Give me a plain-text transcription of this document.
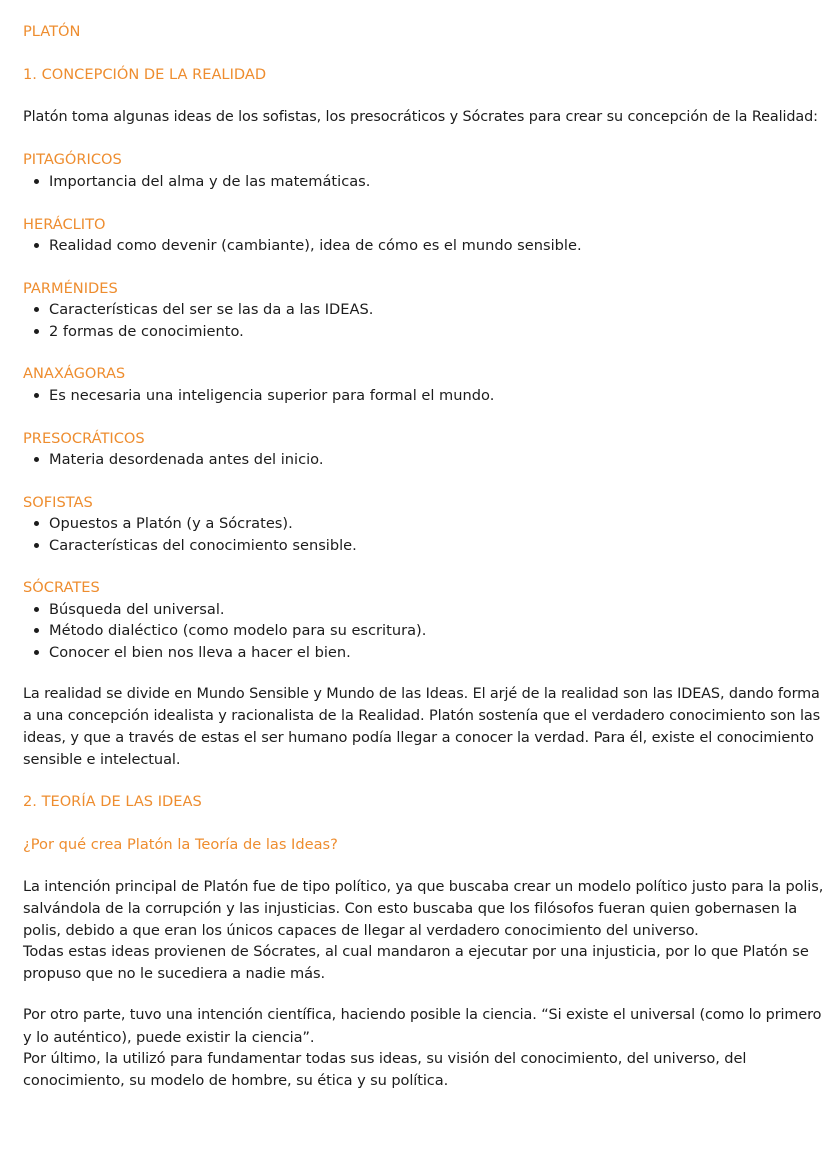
PLATÓN
1. CONCEPCIÓN DE LA REALIDAD

Platón toma algunas ideas de los sofistas, los presocráticos y Sócrates para crear su concepción de la Realidad:

PITAGÓRICOS
Importancia del alma y de las matemáticas.
HERÁCLITO
Realidad como devenir (cambiante), idea de cómo es el mundo sensible.
PARMÉNIDES
Características del ser se las da a las IDEAS.
2 formas de conocimiento.
ANAXÁGORAS
Es necesaria una inteligencia superior para formal el mundo.
PRESOCRÁTICOS
Materia desordenada antes del inicio.
SOFISTAS
Opuestos a Platón (y a Sócrates).
Características del conocimiento sensible.
SÓCRATES
Búsqueda del universal.
Método dialéctico (como modelo para su escritura).
Conocer el bien nos lleva a hacer el bien.
La realidad se divide en Mundo Sensible y Mundo de las Ideas. El arjé de la realidad son las IDEAS, dando forma
a una concepción idealista y racionalista de la Realidad. Platón sostenía que el verdadero conocimiento son las
ideas, y que a través de estas el ser humano podía llegar a conocer la verdad. Para él, existe el conocimiento
sensible e intelectual.
2. TEORÍA DE LAS IDEAS
¿Por qué crea Platón la Teoría de las Ideas?
La intención principal de Platón fue de tipo político, ya que buscaba crear un modelo político justo para la polis,
salvándola de la corrupción y las injusticias. Con esto buscaba que los filósofos fueran quien gobernasen la
polis, debido a que eran los únicos capaces de llegar al verdadero conocimiento del universo.
Todas estas ideas provienen de Sócrates, al cual mandaron a ejecutar por una injusticia, por lo que Platón se
propuso que no le sucediera a nadie más.
Por otro parte, tuvo una intención científica, haciendo posible la ciencia. “Si existe el universal (como lo primero
y lo auténtico), puede existir la ciencia”.
Por último, la utilizó para fundamentar todas sus ideas, su visión del conocimiento, del universo, del
conocimiento, su modelo de hombre, su ética y su política.
